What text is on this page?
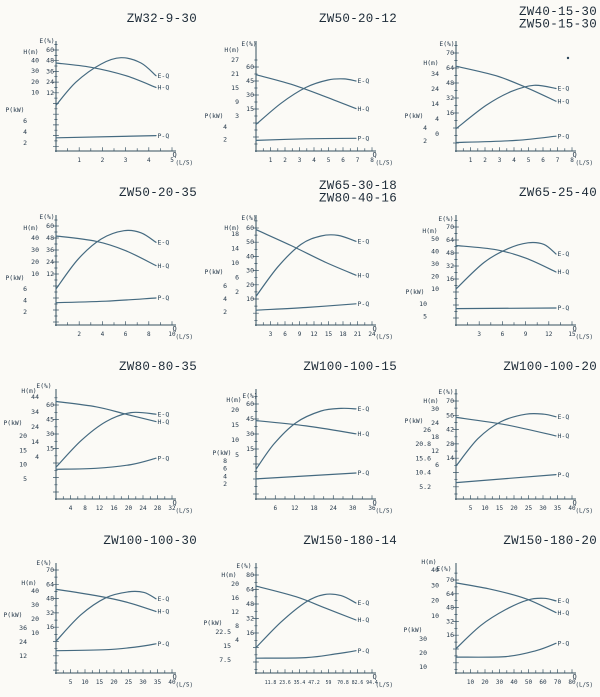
ZW32-9-30
E(%)
60
48
36
24
12
H(m)
40
30
20
10
P(kW)
6
4
2
1	2	3	4	5
Q
(L/S)
E-Q
H-Q
P-Q
ZW50-20-12
E(%)
60
45
30
15
H(m)
27
21
15
9
3
P(kW)
4
2
1 2 3 4 5 6 7 8
Q
(L/S)
E-Q
H-Q
P-Q
ZW40-15-30
ZW50-15-30
E(%)
70
64
48
32
16
H(m)
34
24
14
4
0
P(kW)
4
2
1 2 3 4 5 6 7 8
Q
(L/S)
E-Q
H-Q
P-Q
ZW50-20-35
E(%)
60
48
36
24
12
H(m)
40
30
20
10
P(kW)
6
4
2
2	4	6	8	10
Q
(L/S)
E-Q
H-Q
P-Q
ZW65-30-18
ZW80-40-16
E(%)
60
50
40
30
20
10
H(m)
18
14
10
6
2
P(kW)
6
4
2
3 6 9 12 15 18 21 24
Q
(L/S)
E-Q
H-Q
P-Q
ZW65-25-40
E(%)
70
64
48
32
16
H(m)
50
40
30
20
10
P(kW)
10
5
3	6	9	12	15
Q
(L/S)
E-Q
H-Q
P-Q
ZW80-80-35
E(%)
60
45
30
15
H(m)
44
34
24
14
4
P(kW)
20
15
10
5
4 8 12 16 20 24 28 32
Q
(L/S)
E-Q
H-Q
P-Q
ZW100-100-15
E(%)
60
45
30
15
H(m)
20
15
10
5
P(kW)
8
6
4
2
6 12 18 24 30 36
Q
(L/S)
E-Q
H-Q
P-Q
ZW100-100-20
E(%)
70
56
42
28
14
H(m)
30
24
18
12
6
P(kW)
26
20.8
15.6
10.4
5.2
5 10 15 20 25 30 35 40
Q
(L/S)
E-Q
H-Q
P-Q
ZW100-100-30
E(%)
70
64
48
32
16
H(m)
40
30
20
10
P(kW)
36
24
12
5 10 15 20 25 30 35 40
Q
(L/S)
E-Q
H-Q
P-Q
ZW150-180-14
E(%)
80
64
48
32
16
H(m)
20
16
12
8
4
P(kW)
22.5
15
7.5
11.8 23.6 35.4 47.2 59 70.8 82.6 94.4
Q
(L/S)
E-Q
H-Q
P-Q
ZW150-180-20
H(m)
40
30
20
10
E(%)
70
64
48
32
16
P(kW)
30
20
10
10 20 30 40 50 60 70 80
Q
(L/S)
E-Q
H-Q
P-Q
